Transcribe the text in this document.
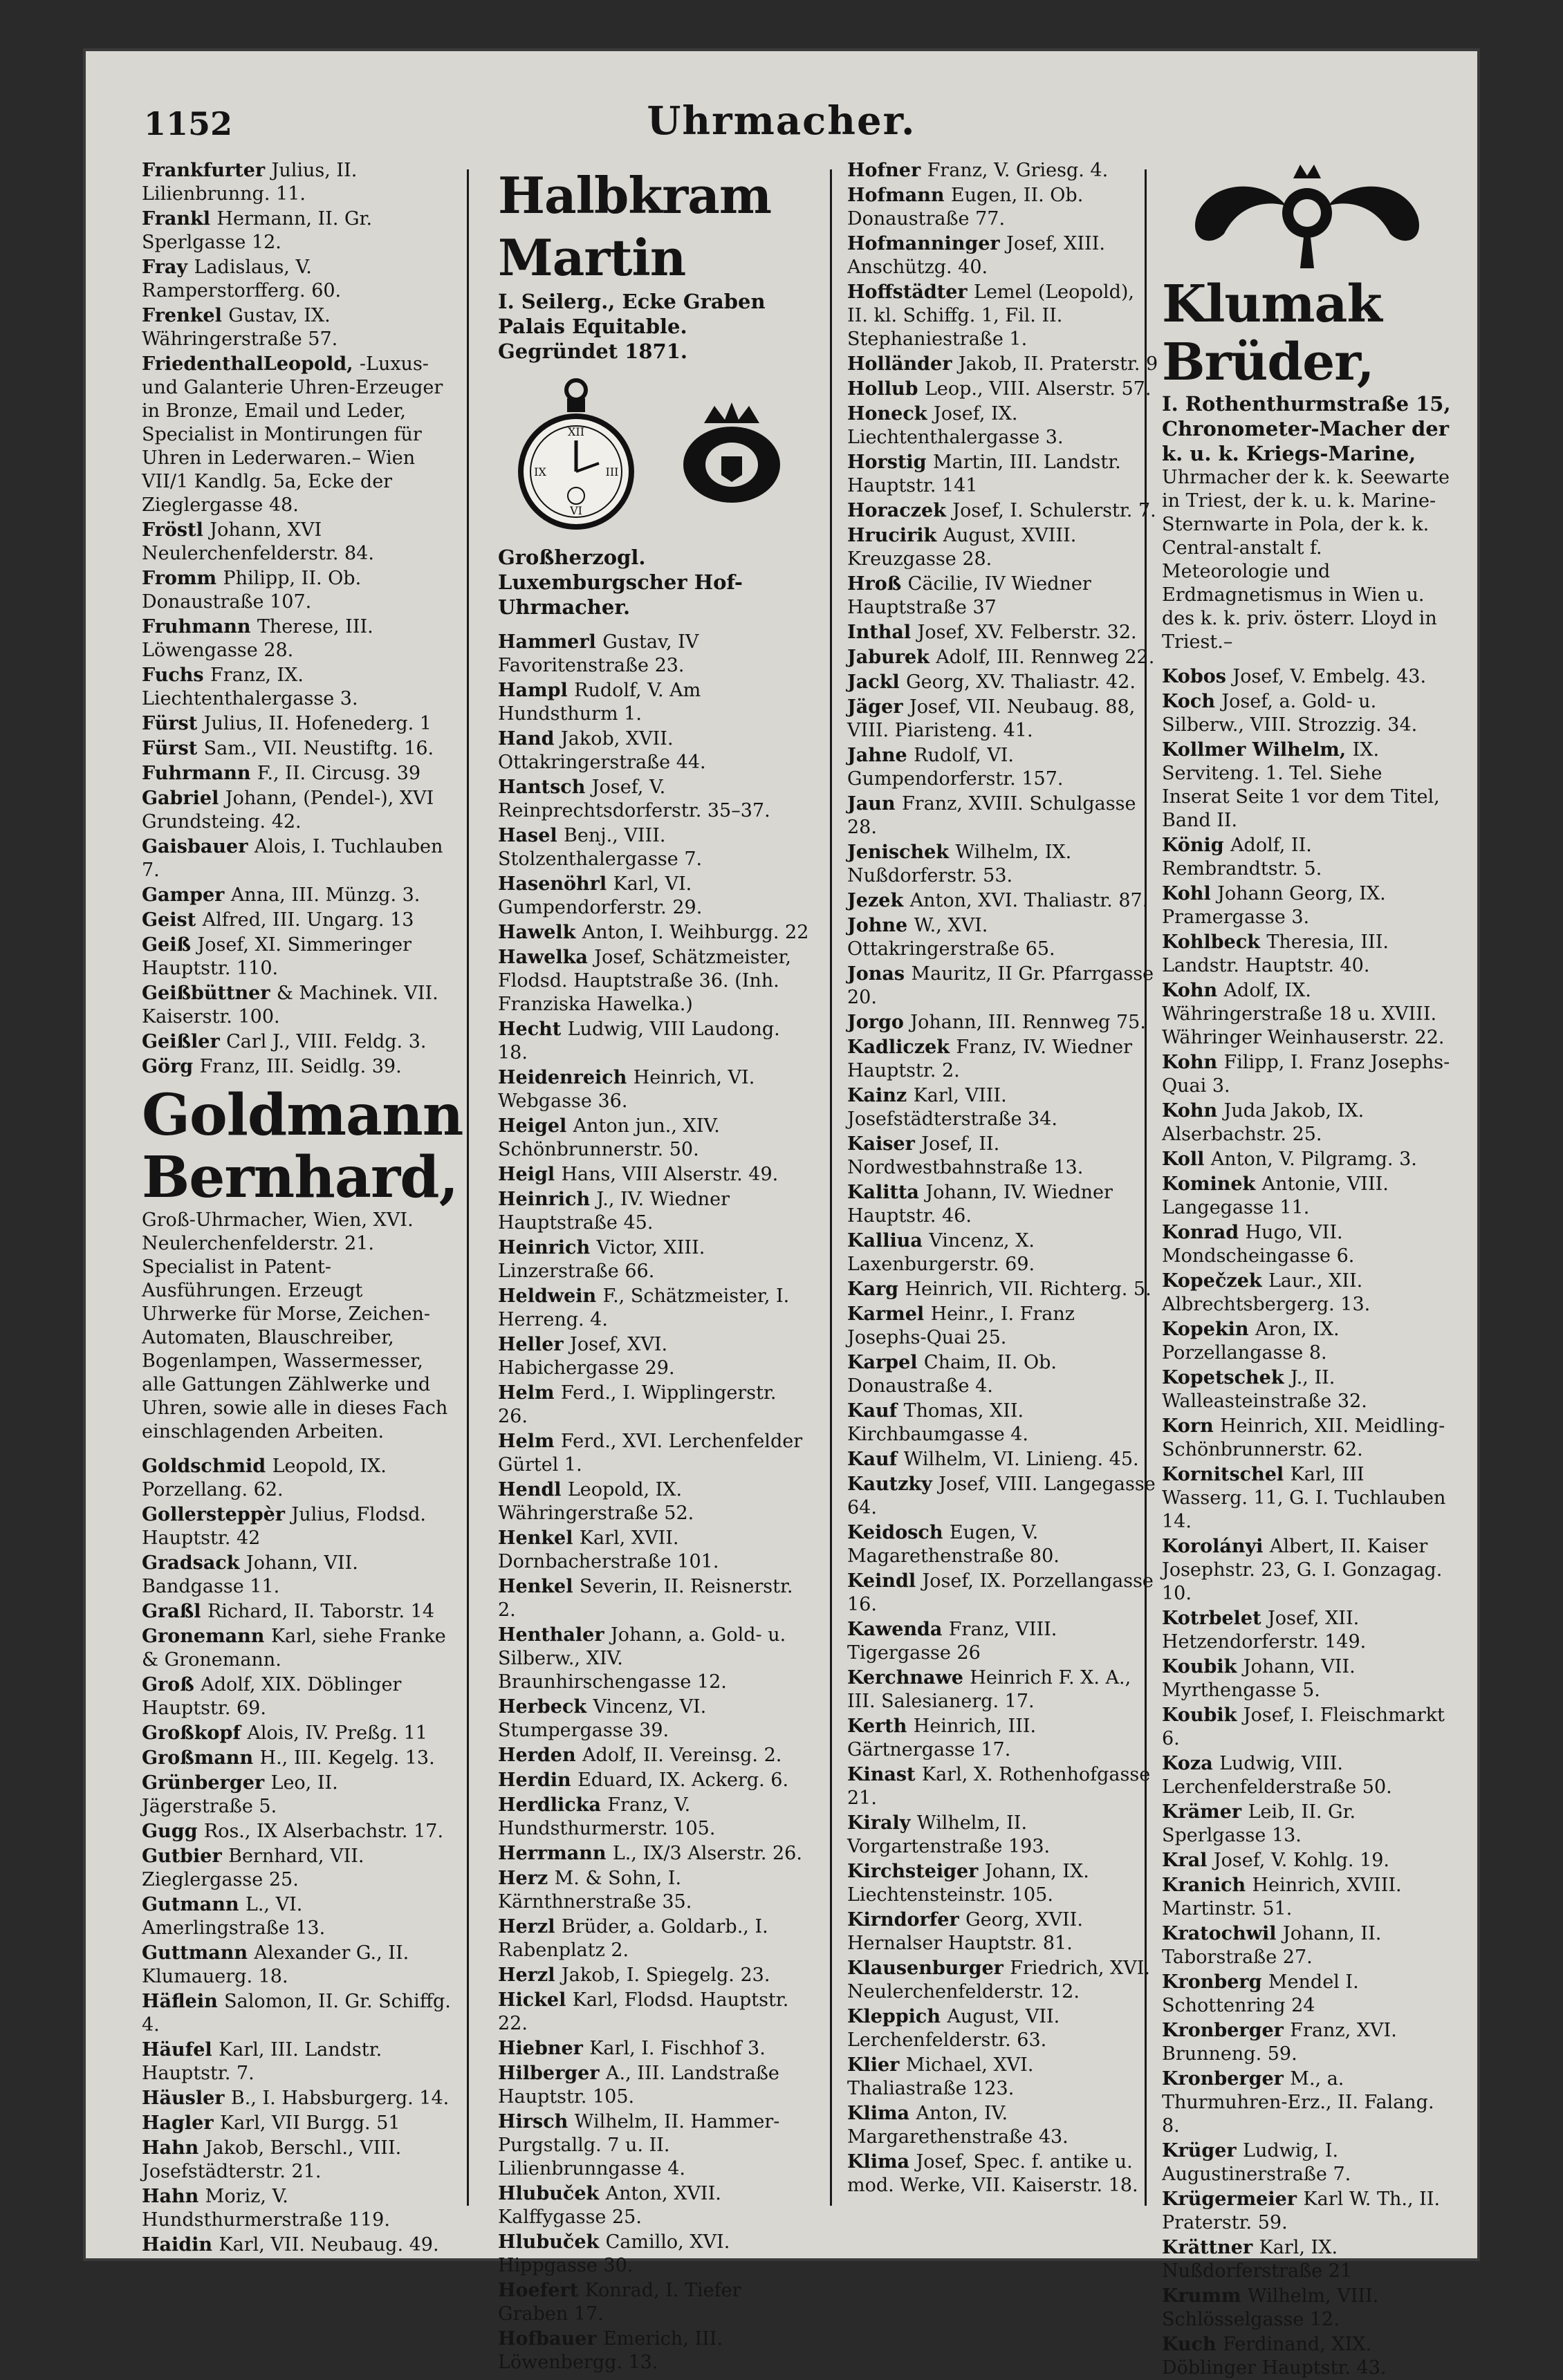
1152	Uhrmacher.
Frankfurter Julius, II. Lilienbrunng. 11.
Frankl Hermann, II. Gr. Sperlgasse 12.
Fray Ladislaus, V. Ramperstorfferg. 60.
Frenkel Gustav, IX. Währingerstraße 57.
FriedenthalLeopold, -Luxus- und Galanterie Uhren-Erzeuger in Bronze, Email und Leder, Specialist in Montirungen für Uhren in Lederwaren.– Wien VII/1 Kandlg. 5a, Ecke der Zieglergasse 48.
Fröstl Johann, XVI Neulerchenfelderstr. 84.
Fromm Philipp, II. Ob. Donaustraße 107.
Fruhmann Therese, III. Löwengasse 28.
Fuchs Franz, IX. Liechtenthalergasse 3.
Fürst Julius, II. Hofenederg. 1
Fürst Sam., VII. Neustiftg. 16.
Fuhrmann F., II. Circusg. 39
Gabriel Johann, (Pendel-), XVI Grundsteing. 42.
Gaisbauer Alois, I. Tuchlauben 7.
Gamper Anna, III. Münzg. 3.
Geist Alfred, III. Ungarg. 13
Geiß Josef, XI. Simmeringer Hauptstr. 110.
Geißbüttner & Machinek. VII. Kaiserstr. 100.
Geißler Carl J., VIII. Feldg. 3.
Görg Franz, III. Seidlg. 39.
Goldmann Bernhard,
Groß-Uhrmacher, Wien, XVI. Neulerchenfelderstr. 21. Specialist in Patent-Ausführungen. Erzeugt Uhrwerke für Morse, Zeichen-Automaten, Blauschreiber, Bogenlampen, Wassermesser, alle Gattungen Zählwerke und Uhren, sowie alle in dieses Fach einschlagenden Arbeiten.
Goldschmid Leopold, IX. Porzellang. 62.
Gollersteppèr Julius, Flodsd. Hauptstr. 42
Gradsack Johann, VII. Bandgasse 11.
Graßl Richard, II. Taborstr. 14
Gronemann Karl, siehe Franke & Gronemann.
Groß Adolf, XIX. Döblinger Hauptstr. 69.
Großkopf Alois, IV. Preßg. 11
Großmann H., III. Kegelg. 13.
Grünberger Leo, II. Jägerstraße 5.
Gugg Ros., IX Alserbachstr. 17.
Gutbier Bernhard, VII. Zieglergasse 25.
Gutmann L., VI. Amerlingstraße 13.
Guttmann Alexander G., II. Klumauerg. 18.
Häflein Salomon, II. Gr. Schiffg. 4.
Häufel Karl, III. Landstr. Hauptstr. 7.
Häusler B., I. Habsburgerg. 14.
Hagler Karl, VII Burgg. 51
Hahn Jakob, Berschl., VIII. Josefstädterstr. 21.
Hahn Moriz, V. Hundsthurmerstraße 119.
Haidin Karl, VII. Neubaug. 49.
Halbkram Martin
I. Seilerg., Ecke Graben Palais Equitable. Gegründet 1871.
XII
III
VI
IX
Großherzogl. Luxemburgscher Hof-Uhrmacher.
Hammerl Gustav, IV Favoritenstraße 23.
Hampl Rudolf, V. Am Hundsthurm 1.
Hand Jakob, XVII. Ottakringerstraße 44.
Hantsch Josef, V. Reinprechtsdorferstr. 35–37.
Hasel Benj., VIII. Stolzenthalergasse 7.
Hasenöhrl Karl, VI. Gumpendorferstr. 29.
Hawelk Anton, I. Weihburgg. 22
Hawelka Josef, Schätzmeister, Flodsd. Hauptstraße 36. (Inh. Franziska Hawelka.)
Hecht Ludwig, VIII Laudong. 18.
Heidenreich Heinrich, VI. Webgasse 36.
Heigel Anton jun., XIV. Schönbrunnerstr. 50.
Heigl Hans, VIII Alserstr. 49.
Heinrich J., IV. Wiedner Hauptstraße 45.
Heinrich Victor, XIII. Linzerstraße 66.
Heldwein F., Schätzmeister, I. Herreng. 4.
Heller Josef, XVI. Habichergasse 29.
Helm Ferd., I. Wipplingerstr. 26.
Helm Ferd., XVI. Lerchenfelder Gürtel 1.
Hendl Leopold, IX. Währingerstraße 52.
Henkel Karl, XVII. Dornbacherstraße 101.
Henkel Severin, II. Reisnerstr. 2.
Henthaler Johann, a. Gold- u. Silberw., XIV. Braunhirschengasse 12.
Herbeck Vincenz, VI. Stumpergasse 39.
Herden Adolf, II. Vereinsg. 2.
Herdin Eduard, IX. Ackerg. 6.
Herdlicka Franz, V. Hundsthurmerstr. 105.
Herrmann L., IX/3 Alserstr. 26.
Herz M. & Sohn, I. Kärnthnerstraße 35.
Herzl Brüder, a. Goldarb., I. Rabenplatz 2.
Herzl Jakob, I. Spiegelg. 23.
Hickel Karl, Flodsd. Hauptstr. 22.
Hiebner Karl, I. Fischhof 3.
Hilberger A., III. Landstraße Hauptstr. 105.
Hirsch Wilhelm, II. Hammer-Purgstallg. 7 u. II. Lilienbrunngasse 4.
Hlubuček Anton, XVII. Kalffygasse 25.
Hlubuček Camillo, XVI. Hippgasse 30.
Hoefert Konrad, I. Tiefer Graben 17.
Hofbauer Emerich, III. Löwenbergg. 13.
Hofner Franz, V. Griesg. 4.
Hofmann Eugen, II. Ob. Donaustraße 77.
Hofmanninger Josef, XIII. Anschützg. 40.
Hoffstädter Lemel (Leopold), II. kl. Schiffg. 1, Fil. II. Stephaniestraße 1.
Holländer Jakob, II. Praterstr. 9
Hollub Leop., VIII. Alserstr. 57.
Honeck Josef, IX. Liechtenthalergasse 3.
Horstig Martin, III. Landstr. Hauptstr. 141
Horaczek Josef, I. Schulerstr. 7.
Hrucirik August, XVIII. Kreuzgasse 28.
Hroß Cäcilie, IV Wiedner Hauptstraße 37
Inthal Josef, XV. Felberstr. 32.
Jaburek Adolf, III. Rennweg 22.
Jackl Georg, XV. Thaliastr. 42.
Jäger Josef, VII. Neubaug. 88, VIII. Piaristeng. 41.
Jahne Rudolf, VI. Gumpendorferstr. 157.
Jaun Franz, XVIII. Schulgasse 28.
Jenischek Wilhelm, IX. Nußdorferstr. 53.
Jezek Anton, XVI. Thaliastr. 87.
Johne W., XVI. Ottakringerstraße 65.
Jonas Mauritz, II Gr. Pfarrgasse 20.
Jorgo Johann, III. Rennweg 75.
Kadliczek Franz, IV. Wiedner Hauptstr. 2.
Kainz Karl, VIII. Josefstädterstraße 34.
Kaiser Josef, II. Nordwestbahnstraße 13.
Kalitta Johann, IV. Wiedner Hauptstr. 46.
Kalliua Vincenz, X. Laxenburgerstr. 69.
Karg Heinrich, VII. Richterg. 5.
Karmel Heinr., I. Franz Josephs-Quai 25.
Karpel Chaim, II. Ob. Donaustraße 4.
Kauf Thomas, XII. Kirchbaumgasse 4.
Kauf Wilhelm, VI. Linieng. 45.
Kautzky Josef, VIII. Langegasse 64.
Keidosch Eugen, V. Magarethenstraße 80.
Keindl Josef, IX. Porzellangasse 16.
Kawenda Franz, VIII. Tigergasse 26
Kerchnawe Heinrich F. X. A., III. Salesianerg. 17.
Kerth Heinrich, III. Gärtnergasse 17.
Kinast Karl, X. Rothenhofgasse 21.
Kiraly Wilhelm, II. Vorgartenstraße 193.
Kirchsteiger Johann, IX. Liechtensteinstr. 105.
Kirndorfer Georg, XVII. Hernalser Hauptstr. 81.
Klausenburger Friedrich, XVI. Neulerchenfelderstr. 12.
Kleppich August, VII. Lerchenfelderstr. 63.
Klier Michael, XVI. Thaliastraße 123.
Klima Anton, IV. Margarethenstraße 43.
Klima Josef, Spec. f. antike u. mod. Werke, VII. Kaiserstr. 18.
Klumak Brüder,
I. Rothenthurmstraße 15, Chronometer-Macher der k. u. k. Kriegs-Marine,
Uhrmacher der k. k. Seewarte in Triest, der k. u. k. Marine-Sternwarte in Pola, der k. k. Central-anstalt f. Meteorologie und Erdmagnetismus in Wien u. des k. k. priv. österr. Lloyd in Triest.–
Kobos Josef, V. Embelg. 43.
Koch Josef, a. Gold- u. Silberw., VIII. Strozzig. 34.
Kollmer Wilhelm, IX. Serviteng. 1. Tel. Siehe Inserat Seite 1 vor dem Titel, Band II.
König Adolf, II. Rembrandtstr. 5.
Kohl Johann Georg, IX. Pramergasse 3.
Kohlbeck Theresia, III. Landstr. Hauptstr. 40.
Kohn Adolf, IX. Währingerstraße 18 u. XVIII. Währinger Weinhauserstr. 22.
Kohn Filipp, I. Franz Josephs-Quai 3.
Kohn Juda Jakob, IX. Alserbachstr. 25.
Koll Anton, V. Pilgramg. 3.
Kominek Antonie, VIII. Langegasse 11.
Konrad Hugo, VII. Mondscheingasse 6.
Kopečzek Laur., XII. Albrechtsbergerg. 13.
Kopekin Aron, IX. Porzellangasse 8.
Kopetschek J., II. Walleasteinstraße 32.
Korn Heinrich, XII. Meidling-Schönbrunnerstr. 62.
Kornitschel Karl, III Wasserg. 11, G. I. Tuchlauben 14.
Korolányi Albert, II. Kaiser Josephstr. 23, G. I. Gonzagag. 10.
Kotrbelet Josef, XII. Hetzendorferstr. 149.
Koubik Johann, VII. Myrthengasse 5.
Koubik Josef, I. Fleischmarkt 6.
Koza Ludwig, VIII. Lerchenfelderstraße 50.
Krämer Leib, II. Gr. Sperlgasse 13.
Kral Josef, V. Kohlg. 19.
Kranich Heinrich, XVIII. Martinstr. 51.
Kratochwil Johann, II. Taborstraße 27.
Kronberg Mendel I. Schottenring 24
Kronberger Franz, XVI. Brunneng. 59.
Kronberger M., a. Thurmuhren-Erz., II. Falang. 8.
Krüger Ludwig, I. Augustinerstraße 7.
Krügermeier Karl W. Th., II. Praterstr. 59.
Krättner Karl, IX. Nußdorferstraße 21
Krumm Wilhelm, VIII. Schlösselgasse 12.
Kuch Ferdinand, XIX. Döblinger Hauptstr. 43.
